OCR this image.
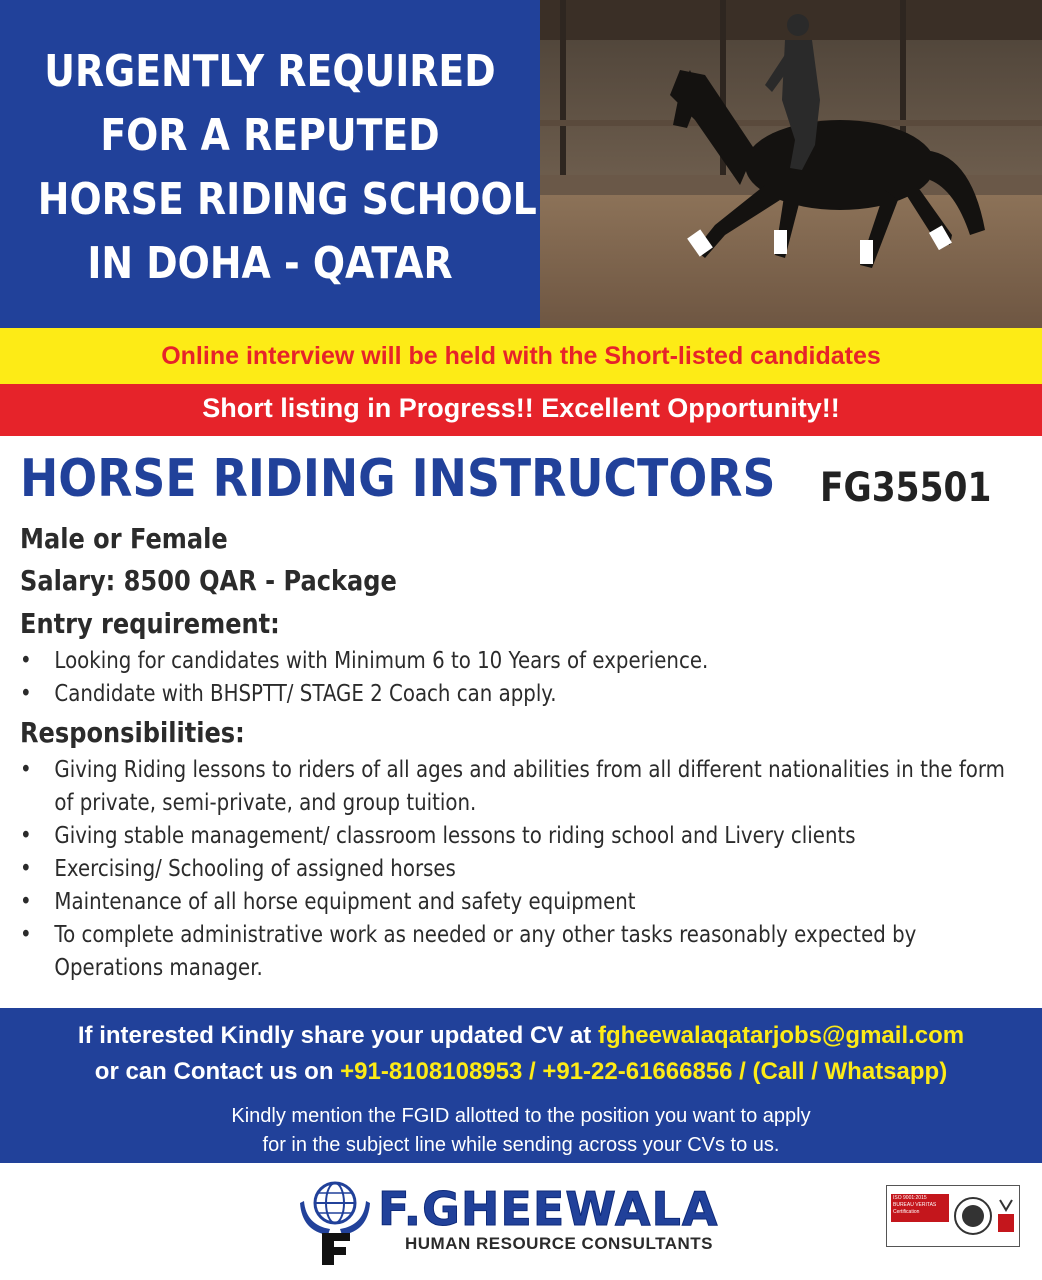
URGENTLY REQUIRED
FOR A REPUTED
HORSE RIDING SCHOOL
IN DOHA - QATAR
Online interview will be held with the Short-listed candidates
Short listing in Progress!! Excellent Opportunity!!
HORSE RIDING INSTRUCTORS FG35501
Male or Female
Salary: 8500 QAR - Package
Entry requirement:
• Looking for candidates with Minimum 6 to 10 Years of experience.
• Candidate with BHSPTT/ STAGE 2 Coach can apply.
Responsibilities:
• Giving Riding lessons to riders of all ages and abilities from all different nationalities in the form of private, semi-private, and group tuition.
• Giving stable management/ classroom lessons to riding school and Livery clients
• Exercising/ Schooling of assigned horses
• Maintenance of all horse equipment and safety equipment
• To complete administrative work as needed or any other tasks reasonably expected by Operations manager.
If interested Kindly share your updated CV at fgheewalaqatarjobs@gmail.com
or can Contact us on +91-8108108953 / +91-22-61666856 / (Call / Whatsapp)
Kindly mention the FGID allotted to the position you want to apply
for in the subject line while sending across your CVs to us.
F.GHEEWALA
HUMAN RESOURCE CONSULTANTS
ISO 9001:2015 BUREAU VERITAS Certification
